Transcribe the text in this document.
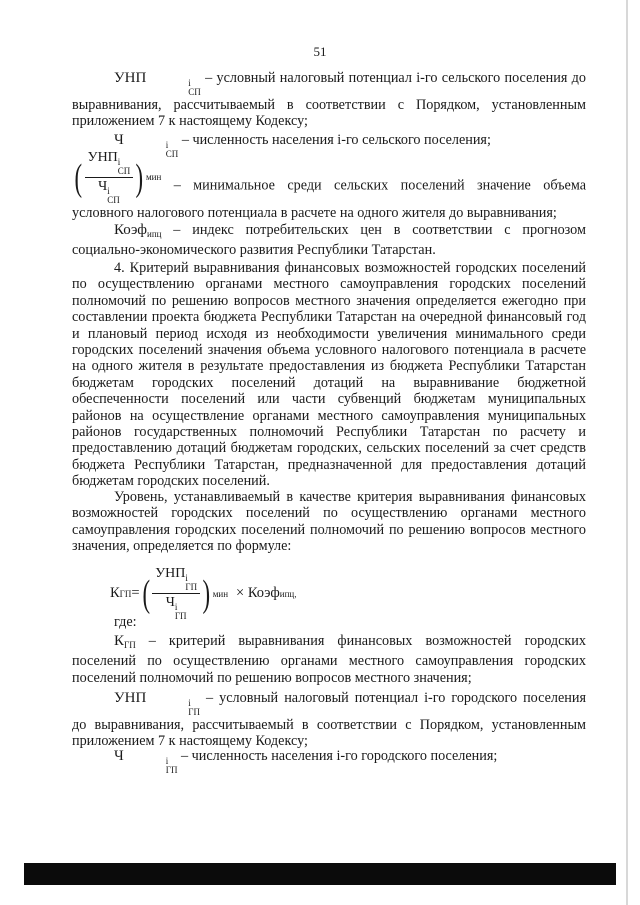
51

УНП	i
СП
– условный налоговый потенциал i-го сельского поселения до выравнивания, рассчитываемый в соответствии с Порядком, установленным приложением 7 к настоящему Кодексу;

Ч	i
СП
– численность населения i-го сельского поселения;

( УНП i
СП
Ч i
СП ) мин
– минимальное среди сельских поселений значение объема условного налогового потенциала в расчете на одного жителя до выравнивания;

Коэф$_{ипц}$ – индекс потребительских цен в соответствии с прогнозом социально-экономического развития Республики Татарстан.

4. Критерий выравнивания финансовых возможностей городских поселений по осуществлению органами местного самоуправления городских поселений полномочий по решению вопросов местного значения определяется ежегодно при составлении проекта бюджета Республики Татарстан на очередной финансовый год и плановый период исходя из необходимости увеличения минимального среди городских поселений значения объема условного налогового потенциала в расчете на одного жителя в результате предоставления из бюджета Республики Татарстан бюджетам городских поселений дотаций на выравнивание бюджетной обеспеченности поселений или части субвенций бюджетам муниципальных районов на осуществление органами местного самоуправления муниципальных районов государственных полномочий Республики Татарстан по расчету и предоставлению дотаций бюджетам городских, сельских поселений за счет средств бюджета Республики Татарстан, предназначенной для предоставления дотаций бюджетам городских поселений.

Уровень, устанавливаемый в качестве критерия выравнивания финансовых возможностей городских поселений по осуществлению органами местного самоуправления городских поселений полномочий по решению вопросов местного значения, определяется по формуле:

К ГП = ( УНП i
ГП
Ч i
ГП ) мин × Коэф ипц,

где:

$К_{ГП}$ – критерий выравнивания финансовых возможностей городских поселений по осуществлению органами местного самоуправления городских поселений полномочий по решению вопросов местного значения;

УНП	i
ГП
– условный налоговый потенциал i-го городского поселения до выравнивания, рассчитываемый в соответствии с Порядком, установленным приложением 7 к настоящему Кодексу;

Ч	i
ГП
– численность населения i-го городского поселения;
